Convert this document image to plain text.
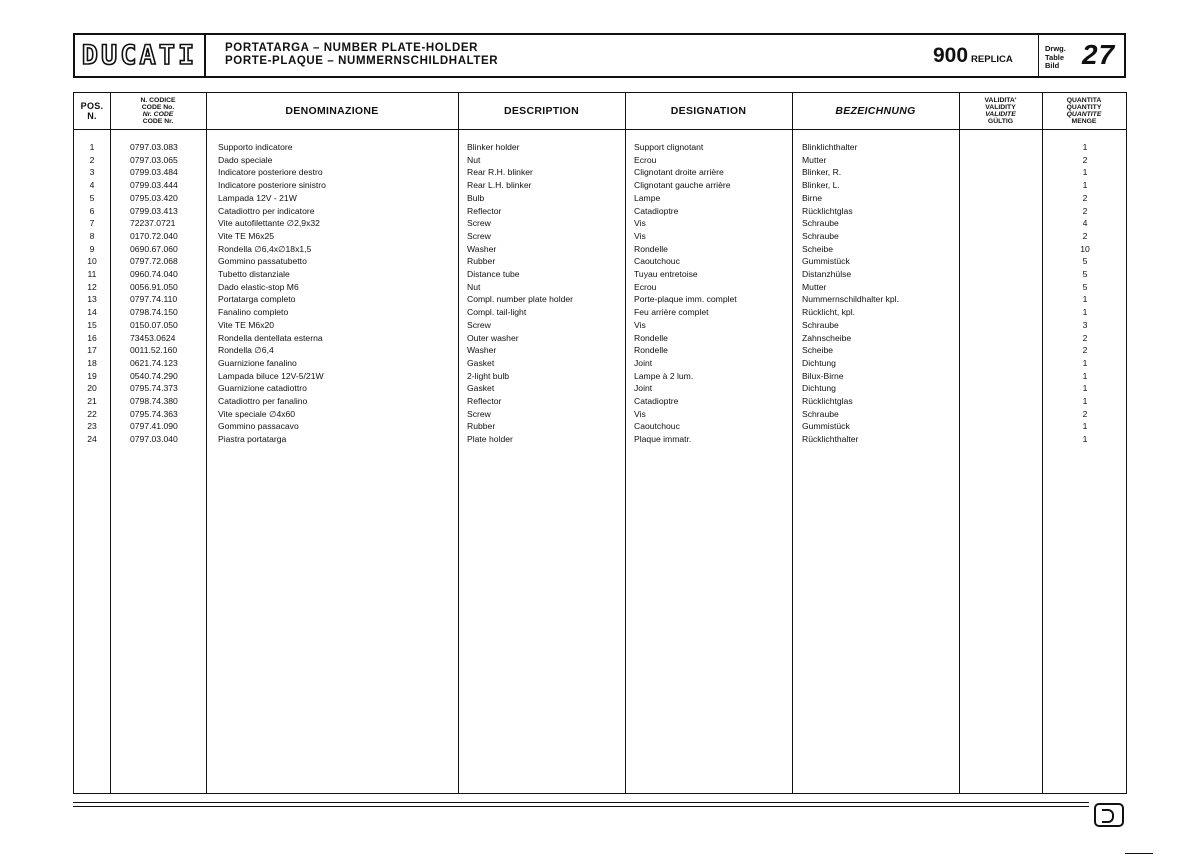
DUCATI PORTATARGA – NUMBER PLATE-HOLDER
PORTE-PLAQUE – NUMMERNSCHILDHALTER	900 REPLICA
Drwg.
Table
Bild 27
POS.
N.
N. CODICE
CODE No.
Nr. CODE
CODE Nr.
DENOMINAZIONE	DESCRIPTION	DESIGNATION	BEZEICHNUNG
VALIDITA'
VALIDITY
VALIDITE
GÜLTIG
QUANTITA
QUANTITY
QUANTITE
MENGE
1	0797.03.083	Supporto indicatore	Blinker holder	Support clignotant	Blinklichthalter	1
2	0797.03.065	Dado speciale	Nut	Ecrou	Mutter	2
3	0799.03.484	Indicatore posteriore destro	Rear R.H. blinker	Clignotant droite arrière	Blinker, R.	1
4	0799.03.444	Indicatore posteriore sinistro	Rear L.H. blinker	Clignotant gauche arrière	Blinker, L.	1
5	0795.03.420	Lampada 12V - 21W	Bulb	Lampe	Birne	2
6	0799.03.413	Catadiottro per indicatore	Reflector	Catadioptre	Rücklichtglas	2
7	72237.0721	Vite autofilettante ∅2,9x32	Screw	Vis	Schraube	4
8	0170.72.040	Vite TE M6x25	Screw	Vis	Schraube	2
9	0690.67.060	Rondella ∅6,4x∅18x1,5	Washer	Rondelle	Scheibe	10
10	0797.72.068	Gommino passatubetto	Rubber	Caoutchouc	Gummistück	5
11	0960.74.040	Tubetto distanziale	Distance tube	Tuyau entretoise	Distanzhülse	5
12	0056.91.050	Dado elastic-stop M6	Nut	Ecrou	Mutter	5
13	0797.74.110	Portatarga completo	Compl. number plate holder	Porte-plaque imm. complet	Nummernschildhalter kpl.	1
14	0798.74.150	Fanalino completo	Compl. tail-light	Feu arrière complet	Rücklicht, kpl.	1
15	0150.07.050	Vite TE M6x20	Screw	Vis	Schraube	3
16	73453.0624	Rondella dentellata esterna	Outer washer	Rondelle	Zahnscheibe	2
17	0011.52.160	Rondella ∅6,4	Washer	Rondelle	Scheibe	2
18	0621.74.123	Guarnizione fanalino	Gasket	Joint	Dichtung	1
19	0540.74.290	Lampada biluce 12V-5/21W	2-light bulb	Lampe à 2 lum.	Bilux-Birne	1
20	0795.74.373	Guarnizione catadiottro	Gasket	Joint	Dichtung	1
21	0798.74.380	Catadiottro per fanalino	Reflector	Catadioptre	Rücklichtglas	1
22	0795.74.363	Vite speciale ∅4x60	Screw	Vis	Schraube	2
23	0797.41.090	Gommino passacavo	Rubber	Caoutchouc	Gummistück	1
24	0797.03.040	Piastra portatarga	Plate holder	Plaque immatr.	Rücklichthalter	1
